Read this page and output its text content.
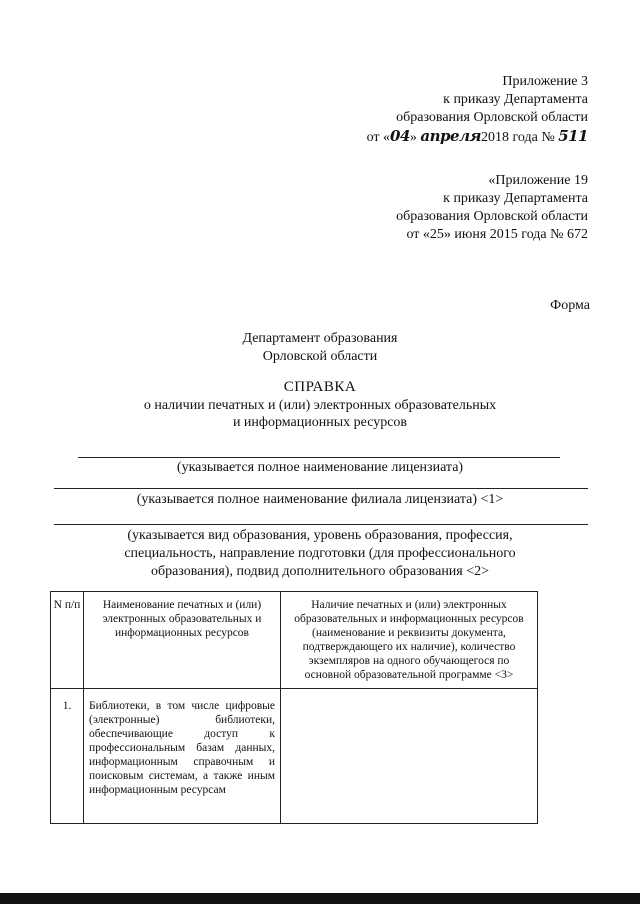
Приложение 3
к приказу Департамента
образования Орловской области
от «04» апреля2018 года № 511
«Приложение 19
к приказу Департамента
образования Орловской области
от «25» июня 2015 года № 672
Форма
Департамент образования
Орловской области
СПРАВКА
о наличии печатных и (или) электронных образовательных
и информационных ресурсов
(указывается полное наименование лицензиата)
(указывается полное наименование филиала лицензиата) <1>
(указывается вид образования, уровень образования, профессия,
специальность, направление подготовки (для профессионального
образования), подвид дополнительного образования <2>
N п/п	Наименование печатных и (или) электронных образовательных и информационных ресурсов	Наличие печатных и (или) электронных образовательных и информационных ресурсов (наименование и реквизиты документа, подтверждающего их наличие), количество экземпляров на одного обучающегося по основной образовательной программе <3>
1.	Библиотеки, в том числе цифровые (электронные) библиотеки, обеспечивающие доступ к профессиональным базам данных, информационным справочным и поисковым системам, а также иным информационным ресурсам	
